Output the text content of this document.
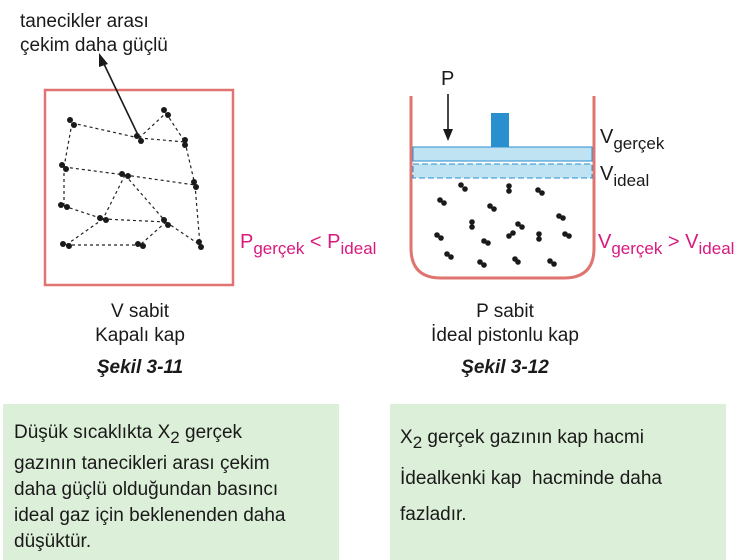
tanecikler arası
çekim daha güçlü
$P_{gerçek} < P_{ideal}$
V sabit
Kapalı kap
Şekil 3-11
P
$V_{gerçek}$
$V_{ideal}$
$V_{gerçek} > V_{ideal}$
P sabit
İdeal pistonlu kap
Şekil 3-12
Düşük sıcaklıkta $X_2$ gerçek
gazının tanecikleri arası çekim
daha güçlü olduğundan basıncı
ideal gaz için beklenenden daha
düşüktür.
$X_2$ gerçek gazının kap hacmi
İdealkenki kap  hacminde daha
fazladır.
